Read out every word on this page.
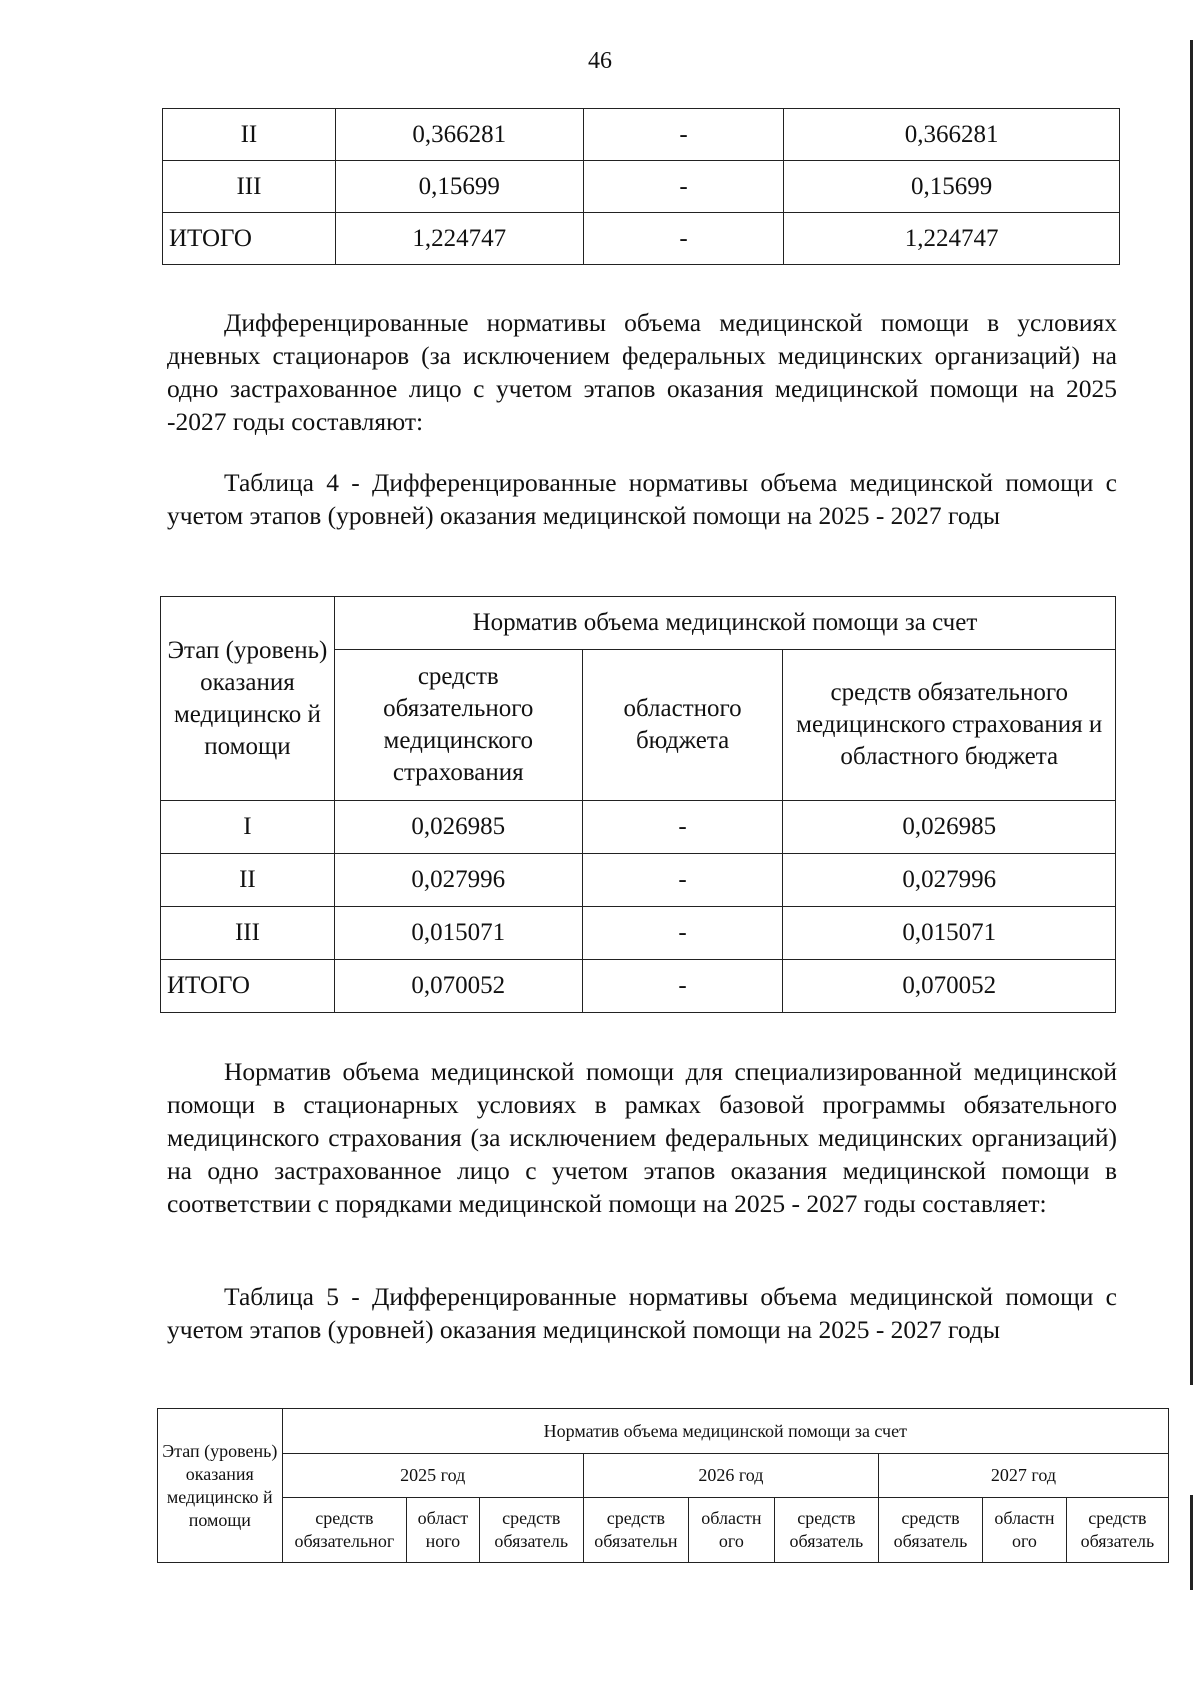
46
II	0,366281	-	0,366281
III	0,15699	-	0,15699
ИТОГО	1,224747	-	1,224747

Дифференцированные нормативы объема медицинской помощи в условиях дневных стационаров (за исключением федеральных медицинских организаций) на одно застрахованное лицо с учетом этапов оказания медицинской помощи на 2025 -2027 годы составляют:

Таблица 4 - Дифференцированные нормативы объема медицинской помощи с учетом этапов (уровней) оказания медицинской помощи на 2025 - 2027 годы

Этап (уровень) оказания медицинско й помощи	Норматив объема медицинской помощи за счет		
	средств обязательного медицинского страхования	областного бюджета	средств обязательного медицинского страхования и областного бюджета
I	0,026985	-	0,026985
II	0,027996	-	0,027996
III	0,015071	-	0,015071
ИТОГО	0,070052	-	0,070052

Норматив объема медицинской помощи для специализированной медицинской помощи в стационарных условиях в рамках базовой программы обязательного медицинского страхования (за исключением федеральных медицинских организаций) на одно застрахованное лицо с учетом этапов оказания медицинской помощи в соответствии с порядками медицинской помощи на 2025 - 2027 годы составляет:

Таблица 5 - Дифференцированные нормативы объема медицинской помощи с учетом этапов (уровней) оказания медицинской помощи на 2025 - 2027 годы

Этап (уровень) оказания медицинско й помощи	Норматив объема медицинской помощи за счет								
	2025 год			2026 год			2027 год		
	средств обязательног	област ного	средств обязатель	средств обязательн	областн ого	средств обязатель	средств обязатель	областн ого	средств обязатель
